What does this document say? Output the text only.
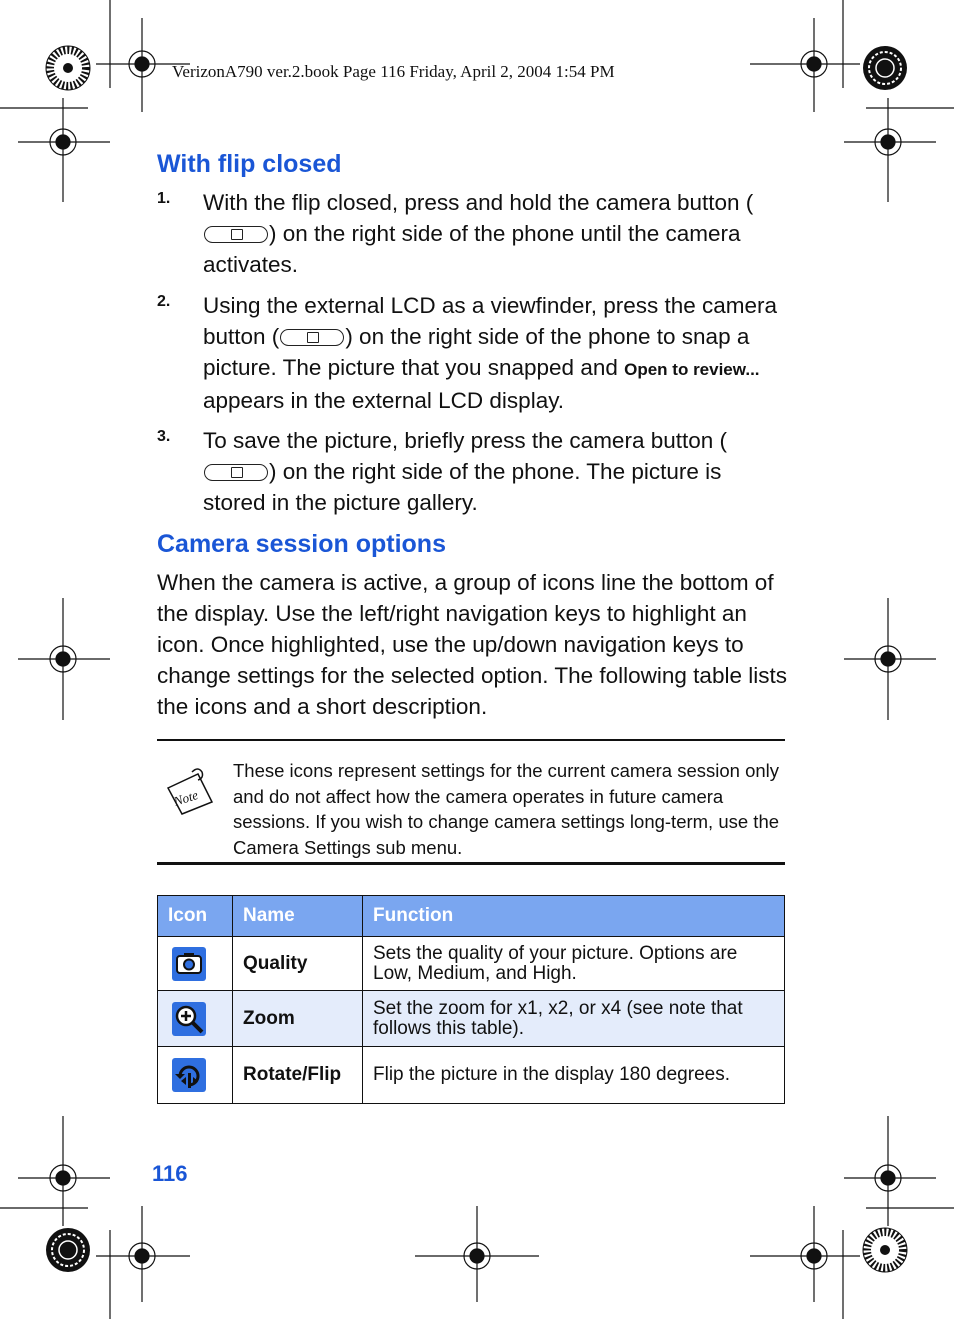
VerizonA790 ver.2.book Page 116 Friday, April 2, 2004 1:54 PM
With flip closed
1. With the flip closed, press and hold the camera button () on the right side of the phone until the camera activates.
2. Using the external LCD as a viewfinder, press the camera button (	) on the right side of the phone to snap a picture. The picture that you snapped and Open to review... appears in the external LCD display.
3. To save the picture, briefly press the camera button () on the right side of the phone. The picture is stored in the picture gallery.
Camera session options
When the camera is active, a group of icons line the bottom of the display. Use the left/right navigation keys to highlight an icon. Once highlighted, use the up/down navigation keys to change settings for the selected option. The following table lists the icons and a short description.
Note
These icons represent settings for the current camera session only and do not affect how the camera operates in future camera sessions. If you wish to change camera settings long-term, use the Camera Settings sub menu.
Icon	Name	Function
	Quality	Sets the quality of your picture. Options are Low, Medium, and High.
	Zoom	Set the zoom for x1, x2, or x4 (see note that follows this table).
	Rotate/Flip	Flip the picture in the display 180 degrees.
116
